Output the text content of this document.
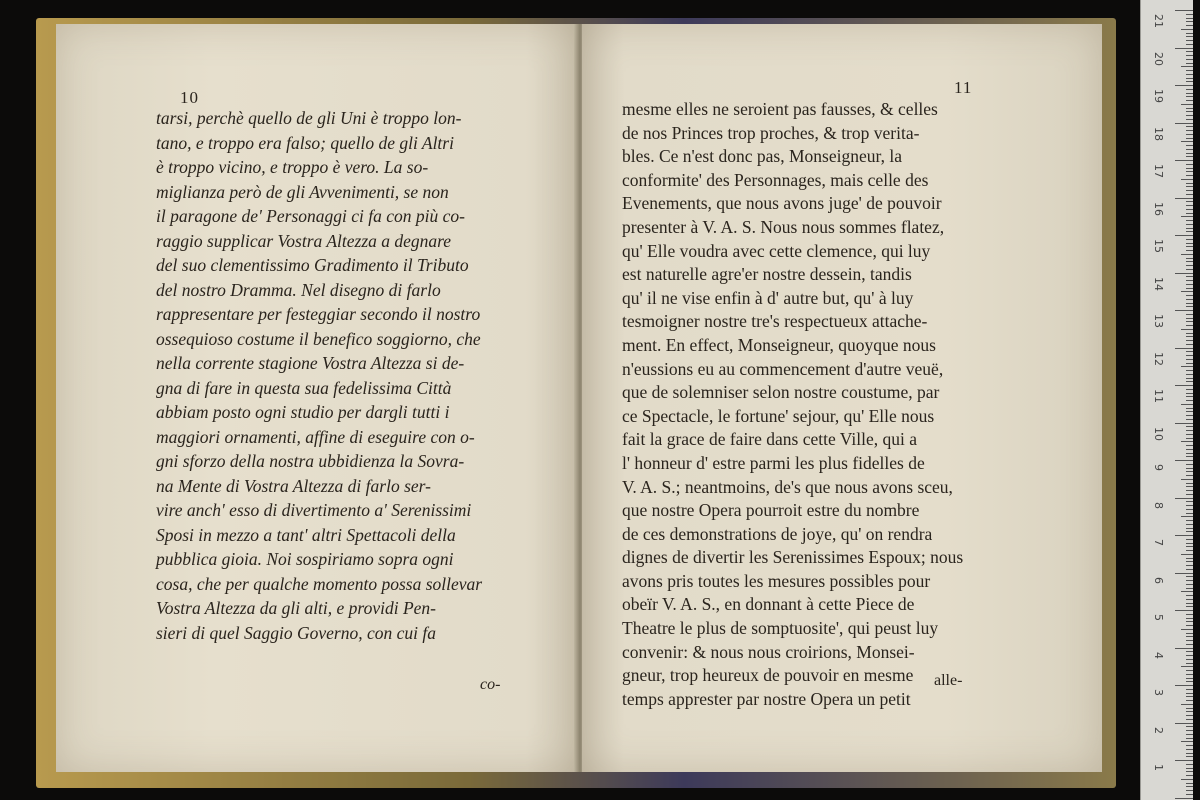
10
tarsi, perchè quello de gli Uni è troppo lon-
tano, e troppo era falso; quello de gli Altri
è troppo vicino, e troppo è vero. La so-
miglianza però de gli Avvenimenti, se non
il paragone de' Personaggi ci fa con più co-
raggio supplicar Vostra Altezza a degnare
del suo clementissimo Gradimento il Tributo
del nostro Dramma. Nel disegno di farlo
rappresentare per festeggiar secondo il nostro
ossequioso costume il benefico soggiorno, che
nella corrente stagione Vostra Altezza si de-
gna di fare in questa sua fedelissima Città
abbiam posto ogni studio per dargli tutti i
maggiori ornamenti, affine di eseguire con o-
gni sforzo della nostra ubbidienza la Sovra-
na Mente di Vostra Altezza di farlo ser-
vire anch' esso di divertimento a' Serenissimi
Sposi in mezzo a tant' altri Spettacoli della
pubblica gioia. Noi sospiriamo sopra ogni
cosa, che per qualche momento possa sollevar
Vostra Altezza da gli alti, e providi Pen-
sieri di quel Saggio Governo, con cui fa
co-
11
mesme elles ne seroient pas fausses, & celles
de nos Princes trop proches, & trop verita-
bles. Ce n'est donc pas, Monseigneur, la
conformite' des Personnages, mais celle des
Evenements, que nous avons juge' de pouvoir
presenter à V. A. S. Nous nous sommes flatez,
qu' Elle voudra avec cette clemence, qui luy
est naturelle agre'er nostre dessein, tandis
qu' il ne vise enfin à d' autre but, qu' à luy
tesmoigner nostre tre's respectueux attache-
ment. En effect, Monseigneur, quoyque nous
n'eussions eu au commencement d'autre veuë,
que de solemniser selon nostre coustume, par
ce Spectacle, le fortune' sejour, qu' Elle nous
fait la grace de faire dans cette Ville, qui a
l' honneur d' estre parmi les plus fidelles de
V. A. S.; neantmoins, de's que nous avons sceu,
que nostre Opera pourroit estre du nombre
de ces demonstrations de joye, qu' on rendra
dignes de divertir les Serenissimes Espoux; nous
avons pris toutes les mesures possibles pour
obeïr V. A. S., en donnant à cette Piece de
Theatre le plus de somptuosite', qui peust luy
convenir: & nous nous croirions, Monsei-
gneur, trop heureux de pouvoir en mesme
temps apprester par nostre Opera un petit
alle-
21
20
19
18
17
16
15
14
13
12
11
10
9
8
7
6
5
4
3
2
1
